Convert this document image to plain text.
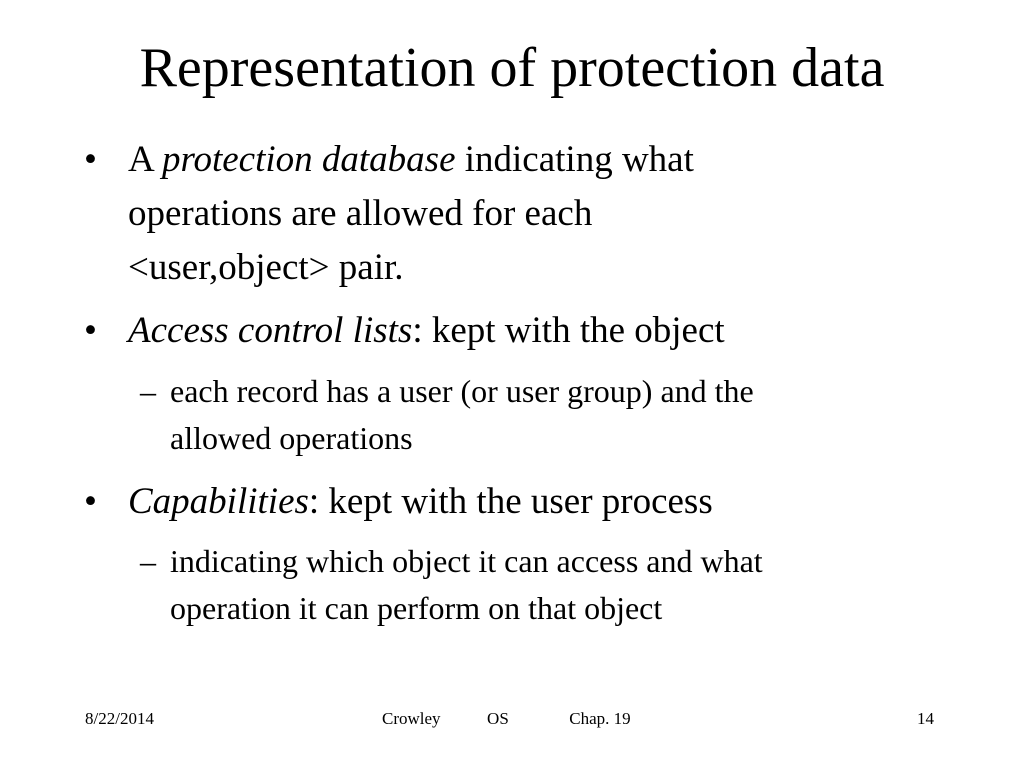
Representation of protection data
• A protection database indicating what
operations are allowed for each
<user,object> pair.
• Access control lists: kept with the object
– each record has a user (or user group) and the
allowed operations
• Capabilities: kept with the user process
– indicating which object it can access and what
operation it can perform on that object
8/22/2014	Crowley	OS	Chap. 19	14
